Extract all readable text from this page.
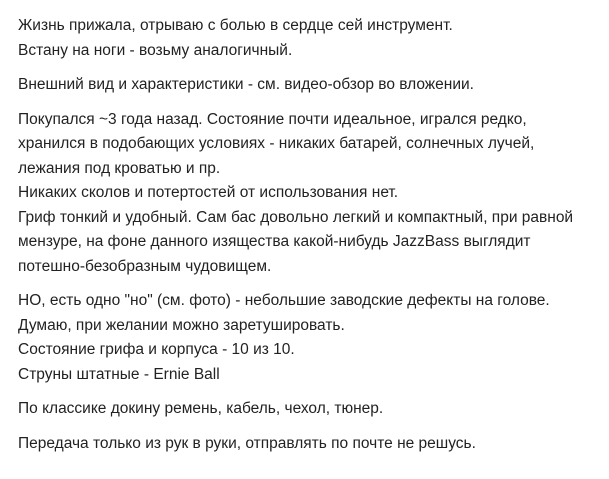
Жизнь прижала, отрываю с болью в сердце сей инструмент.
Встану на ноги - возьму аналогичный.

Внешний вид и характеристики - см. видео-обзор во вложении.

Покупался ~3 года назад. Состояние почти идеальное, игрался редко,
хранился в подобающих условиях - никаких батарей, солнечных лучей,
лежания под кроватью и пр.
Никаких сколов и потертостей от использования нет.
Гриф тонкий и удобный. Сам бас довольно легкий и компактный, при равной
мензуре, на фоне данного изящества какой-нибудь JazzBass выглядит
потешно-безобразным чудовищем.

НО, есть одно "но" (см. фото) - небольшие заводские дефекты на голове.
Думаю, при желании можно заретушировать.
Состояние грифа и корпуса - 10 из 10.
Струны штатные - Ernie Ball

По классике докину ремень, кабель, чехол, тюнер.

Передача только из рук в руки, отправлять по почте не решусь.
